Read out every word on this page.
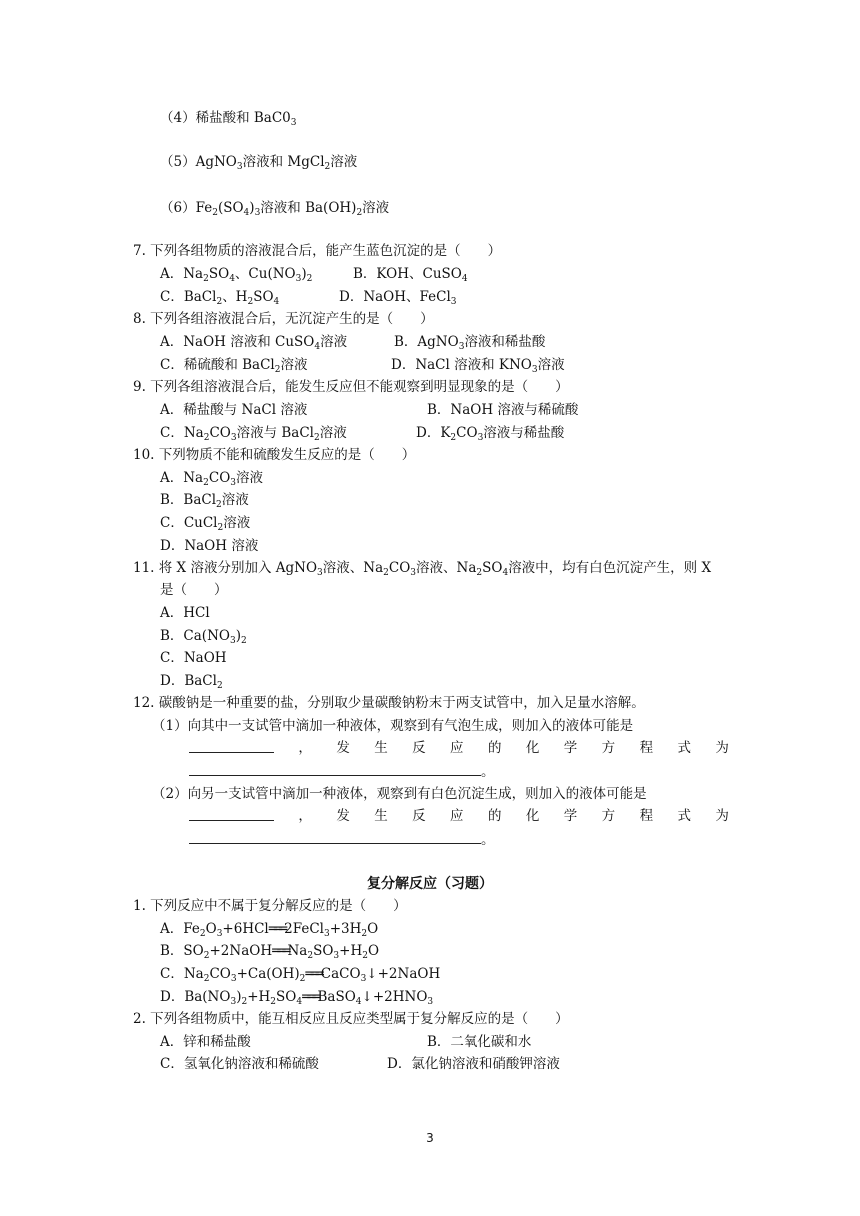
（4）稀盐酸和 $BaC0_3$
（5）AgNO$_3$溶液和 MgCl$_2$溶液
$(6)Fe_2(SO_4)_3$溶液和 $Ba(OH)_2$溶液
7. 下列各组物质的溶液混合后，能产生蓝色沉淀的是（　　）
A．$Na_2SO_4$、$Cu(NO_3)_2$	B．KOH、CuSO$_4$
C．BaCl$_2$、$H_2SO_4$	D．NaOH、FeCl$_3$
8. 下列各组溶液混合后，无沉淀产生的是（　　）
A．NaOH 溶液和 CuSO$_4$溶液	B．AgNO$_3$溶液和稀盐酸
C．稀硫酸和 BaCl$_2$溶液	D．NaCl 溶液和 $KNO_3$溶液
9. 下列各组溶液混合后，能发生反应但不能观察到明显现象的是（　　）
A．稀盐酸与 NaCl 溶液	B．NaOH 溶液与稀硫酸
C．$Na_2CO_3$溶液与 BaCl$_2$溶液	D．$K_2CO_3$溶液与稀盐酸
10. 下列物质不能和硫酸发生反应的是（　　）
A．$Na_2CO_3$溶液
B．BaCl$_2$溶液
C．CuCl$_2$溶液
D．NaOH 溶液
11. 将 X 溶液分别加入 AgNO$_3$溶液、$Na_2CO_3$溶液、$Na_2SO_4$溶液中，均有白色沉淀产生，则 X
是（　　）
A．HCl
B．$Ca(NO_3)_2$
C．NaOH
D．BaCl$_2$
12. 碳酸钠是一种重要的盐，分别取少量碳酸钠粉末于两支试管中，加入足量水溶解。
（1）向其中一支试管中滴加一种液体，观察到有气泡生成，则加入的液体可能是
， 发 生 反 应 的 化 学 方 程 式 为
。
（2）向另一支试管中滴加一种液体，观察到有白色沉淀生成，则加入的液体可能是
， 发 生 反 应 的 化 学 方 程 式 为
。
复分解反应（习题）
1. 下列反应中不属于复分解反应的是（　　）
A．$Fe_2O_3+6HCl═══2FeCl_3+3H_2O$
B．$SO_2+2NaOH═══Na_2SO_3+H_2O$
C．$Na_2CO_3+Ca(OH)_2═══CaCO_3↓+2NaOH$
D．$Ba(NO_3)_2+H_2SO_4═══BaSO_4↓+2HNO_3$
2. 下列各组物质中，能互相反应且反应类型属于复分解反应的是（　　）
A．锌和稀盐酸	B．二氧化碳和水
C．氢氧化钠溶液和稀硫酸	D．氯化钠溶液和硝酸钾溶液
3
